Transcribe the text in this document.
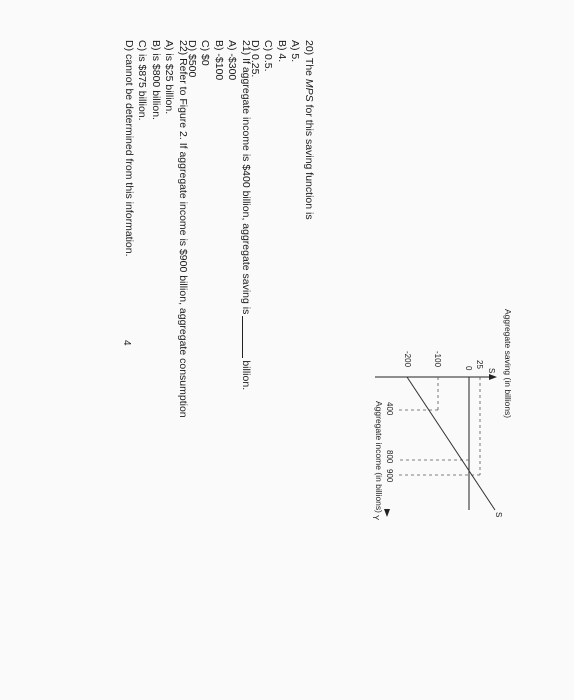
Aggregate saving (in billions)
S
25
0
-100
-200
S
Y
400
800
900
Aggregate income (in billions)
20) The MPS for this saving function is
A) 5.
B) 4.
C) 0.5.
D) 0.25.
21) If aggregate income is $400 billion, aggregate saving isbillion.
A) -$300
B) -$100
C) $0
D) $500
22) Refer to Figure 2. If aggregate income is $900 billion, aggregate consumption
A) is $25 billion.
B) is $800 billion.
C) is $875 billion.
D) cannot be determined from this information.
4
